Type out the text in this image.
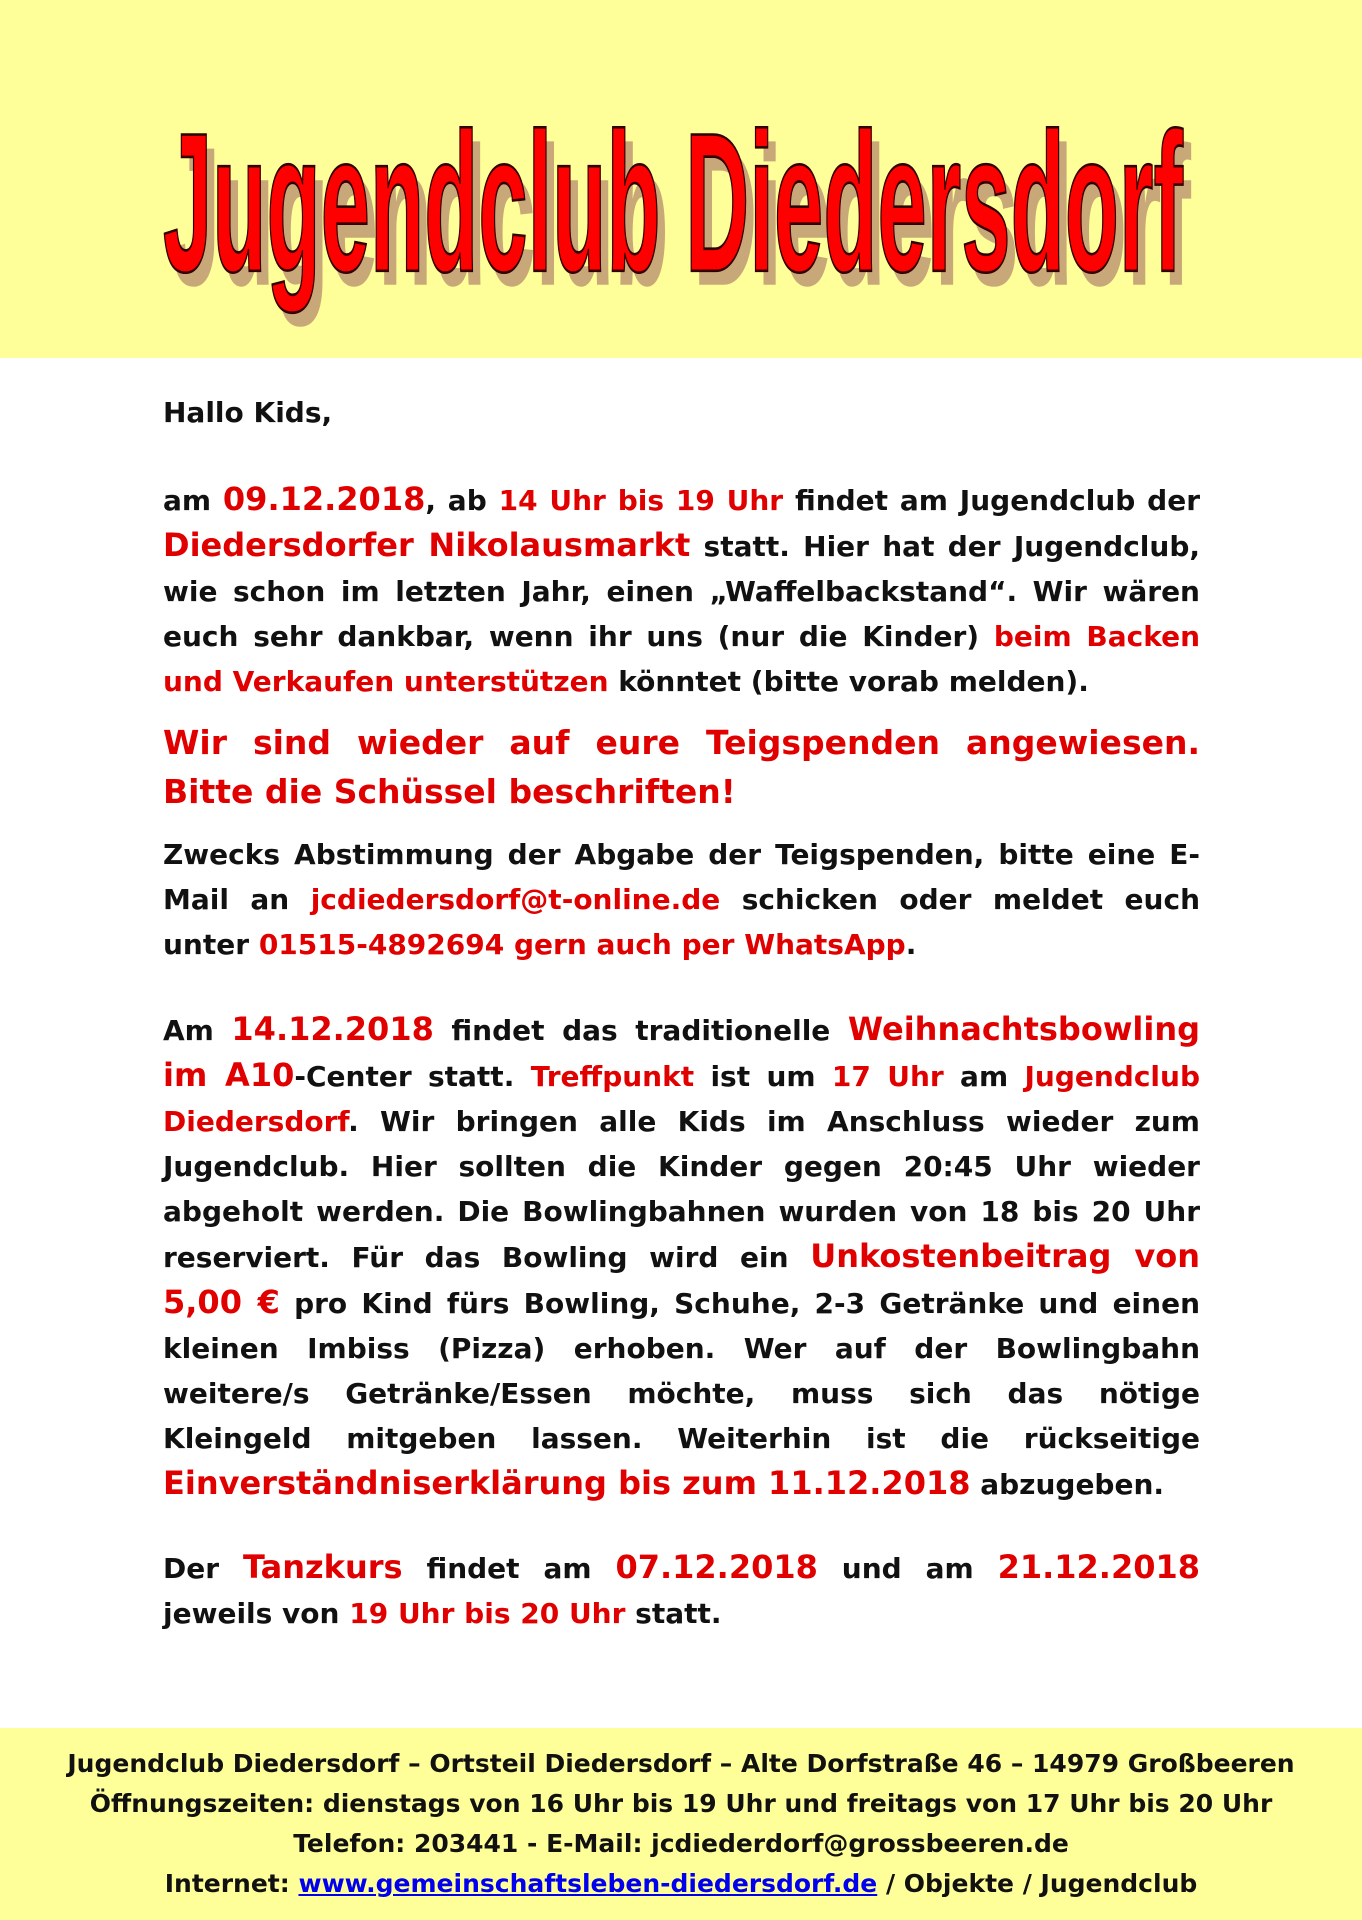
Jugendclub Diedersdorf
Jugendclub Diedersdorf

Hallo Kids,

am 09.12.2018, ab 14 Uhr bis 19 Uhr findet am Jugendclub der Diedersdorfer Nikolausmarkt statt. Hier hat der Jugendclub, wie schon im letzten Jahr, einen „Waffelbackstand“. Wir wären euch sehr dankbar, wenn ihr uns (nur die Kinder) beim Backen und Verkaufen unterstützen könntet (bitte vorab melden).

Wir sind wieder auf eure Teigspenden angewiesen. Bitte die Schüssel beschriften!

Zwecks Abstimmung der Abgabe der Teigspenden, bitte eine E-Mail an jcdiedersdorf@t-online.de schicken oder meldet euch unter 01515-4892694 gern auch per WhatsApp.

Am 14.12.2018 findet das traditionelle Weihnachtsbowling im A10-Center statt. Treffpunkt ist um 17 Uhr am Jugendclub Diedersdorf. Wir bringen alle Kids im Anschluss wieder zum Jugendclub. Hier sollten die Kinder gegen 20:45 Uhr wieder abgeholt werden. Die Bowlingbahnen wurden von 18 bis 20 Uhr reserviert. Für das Bowling wird ein Unkostenbeitrag von 5,00 € pro Kind fürs Bowling, Schuhe, 2-3 Getränke und einen kleinen Imbiss (Pizza) erhoben. Wer auf der Bowlingbahn weitere/s Getränke/Essen möchte, muss sich das nötige Kleingeld mitgeben lassen. Weiterhin ist die rückseitige Einverständniserklärung bis zum 11.12.2018 abzugeben.

Der Tanzkurs findet am 07.12.2018 und am 21.12.2018 jeweils von 19 Uhr bis 20 Uhr statt.

Jugendclub Diedersdorf – Ortsteil Diedersdorf – Alte Dorfstraße 46 – 14979 Großbeeren
Öffnungszeiten: dienstags von 16 Uhr bis 19 Uhr und freitags von 17 Uhr bis 20 Uhr
Telefon: 203441 - E-Mail: jcdiederdorf@grossbeeren.de
Internet: www.gemeinschaftsleben-diedersdorf.de / Objekte / Jugendclub
